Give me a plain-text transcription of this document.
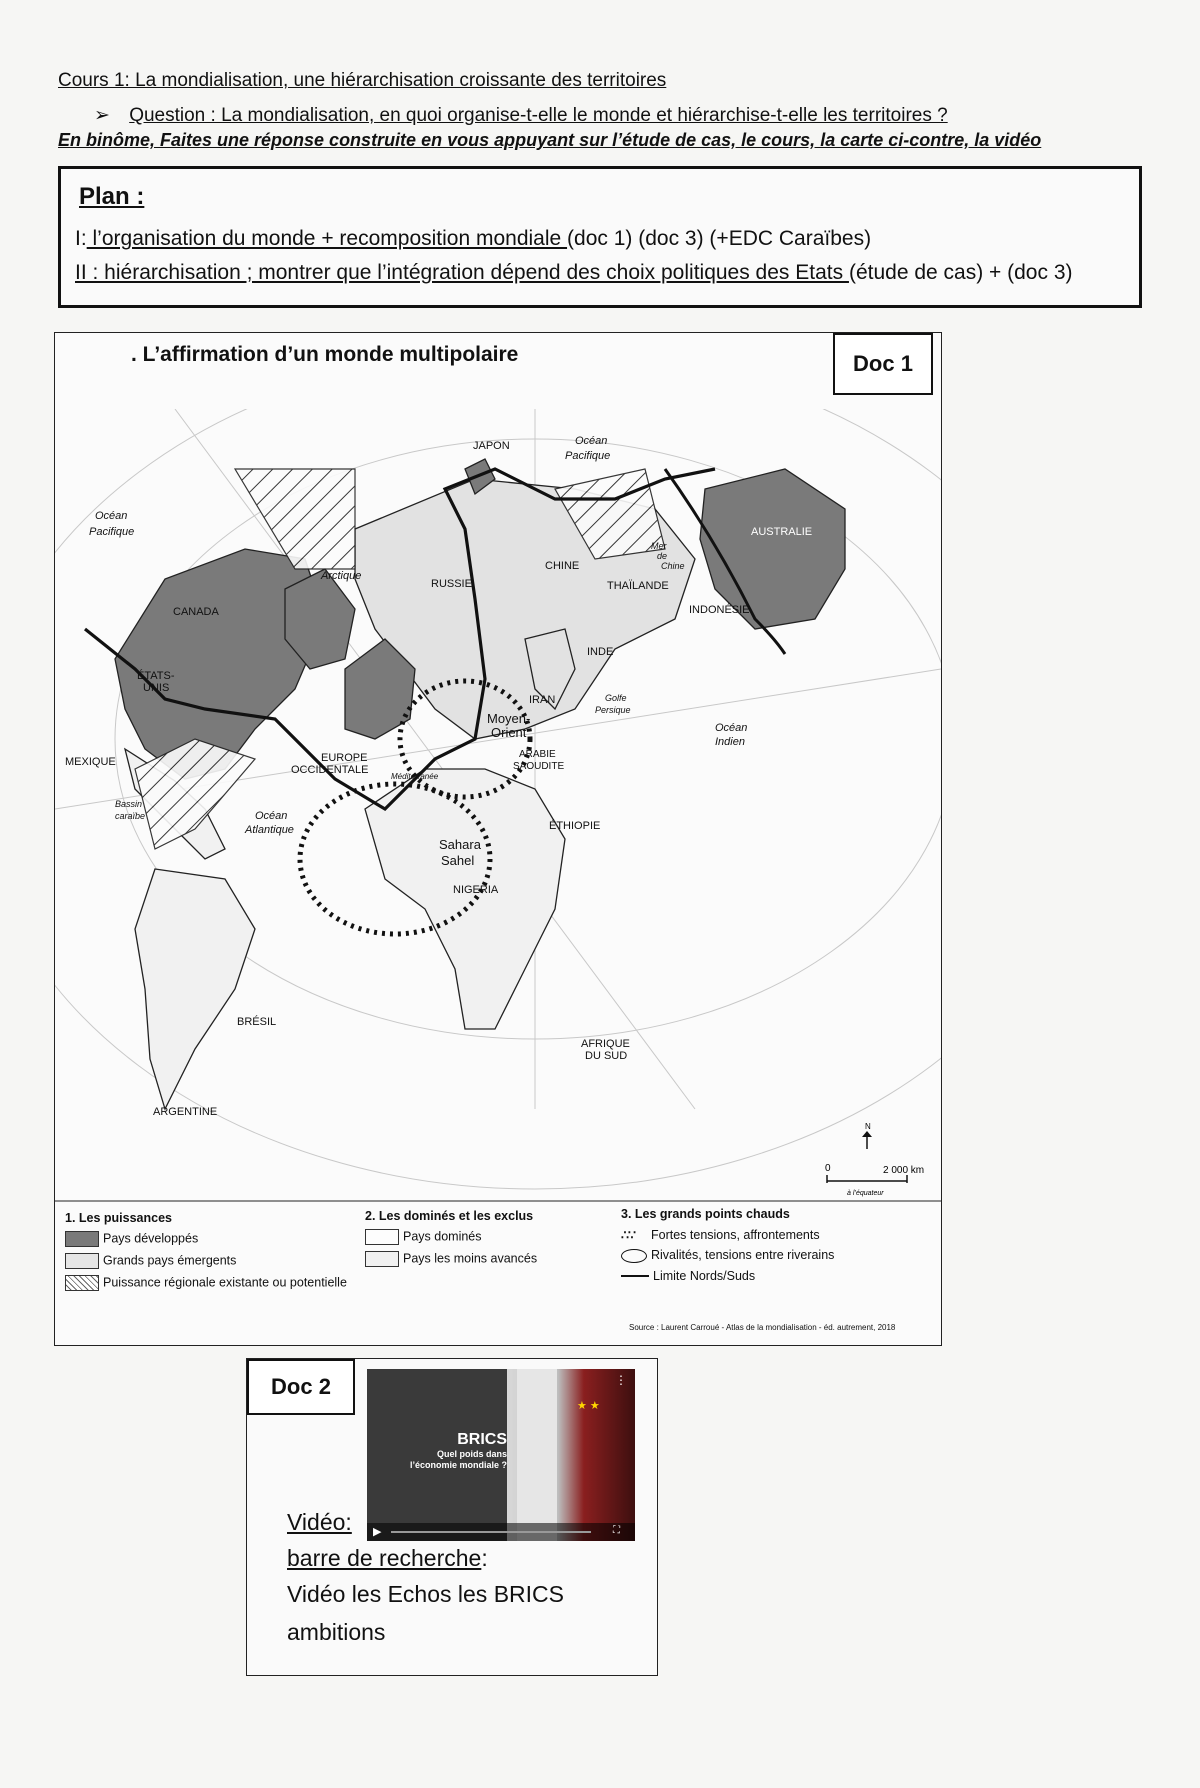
Cours 1: La mondialisation, une hiérarchisation croissante des territoires
➢ Question : La mondialisation, en quoi organise-t-elle le monde et hiérarchise-t-elle les territoires ?
En binôme, Faites une réponse construite en vous appuyant sur l’étude de cas, le cours, la carte ci-contre, la vidéo
Plan :
I: l’organisation du monde + recomposition mondiale (doc 1) (doc 3) (+EDC Caraïbes)
II : hiérarchisation ; montrer que l’intégration dépend des choix politiques des Etats (étude de cas) + (doc 3)
. L’affirmation d’un monde multipolaire	Doc 1
JAPON	Océan
Pacifique
Océan
Pacifique
Arctique
CANADA
ÉTATS-
UNIS
MEXIQUE
Bassin
caraïbe
RUSSIE
CHINE
THAÏLANDE
Mer
de
Chine
INDONÉSIE
AUSTRALIE
INDE
IRAN	Golfe
Persique
Moyen-
Orient
ARABIE
SAOUDITE
Océan
Indien
EUROPE
OCCIDENTALE
Méditerranée
Océan
Atlantique	ÉTHIOPIE
Sahara
Sahel
NIGERIA
BRÉSIL
ARGENTINE
AFRIQUE
DU SUD
N
0	2 000 km
à l’équateur
1. Les puissances
Pays développés
Grands pays émergents
Puissance régionale existante ou potentielle
2. Les dominés et les exclus
Pays dominés
Pays les moins avancés
3. Les grands points chauds
∴∵ Fortes tensions, affrontements
Rivalités, tensions entre riverains
Limite Nords/Suds
Source : Laurent Carroué - Atlas de la mondialisation - éd. autrement, 2018
Doc 2
★ ★
BRICS
Quel poids dans
l’économie mondiale ?
▶	⛶
⋮
Vidéo:
barre de recherche:
Vidéo les Echos les BRICS
ambitions
